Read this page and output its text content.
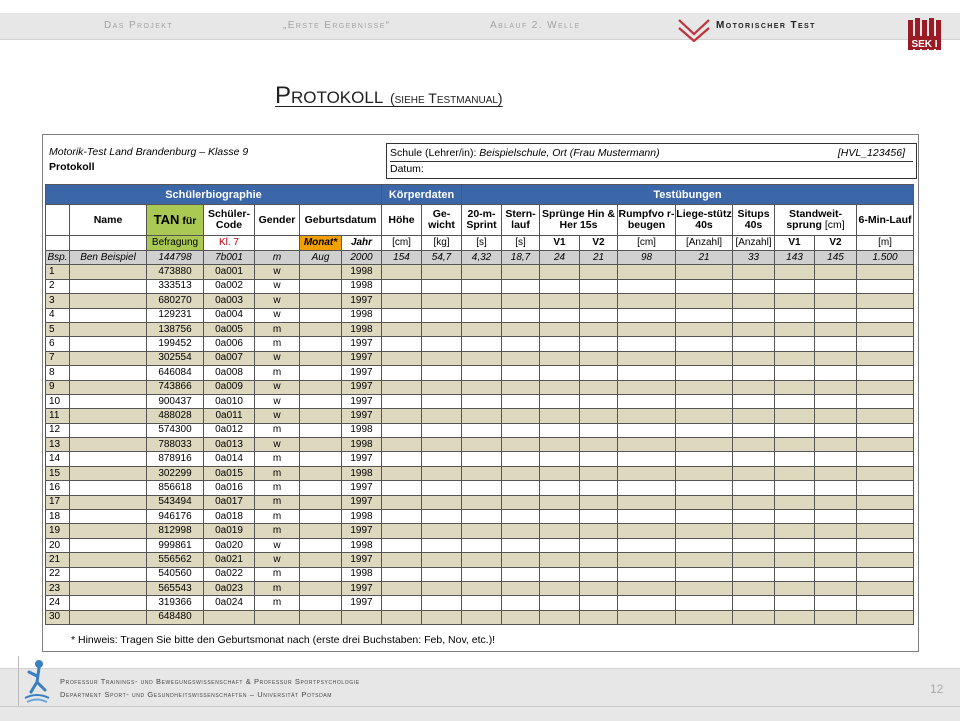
Das Projekt	„Erste Ergebnisse“	Ablauf 2. Welle	Motorischer Test
SEK I
Protokoll (siehe Testmanual)
Motorik-Test Land Brandenburg – Klasse 9
Protokoll
Schule (Lehrer/in): Beispielschule, Ort (Frau Mustermann)	[HVL_123456]
Datum:
Schülerbiographie							Körperdaten		Testübungen									
	Name	TAN für	Schüler-Code	Gender	Geburtsdatum		Höhe	Ge-wicht	20-m-Sprint	Stern-lauf	Sprünge Hin & Her 15s		Rumpfvo r-beugen	Liege-stütz 40s	Situps 40s	Standweit-sprung [cm]		6-Min-Lauf
		Befragung	Kl. 7		Monat*	Jahr	[cm]	[kg]	[s]	[s]	V1	V2	[cm]	[Anzahl]	[Anzahl]	V1	V2	[m]
Bsp.	Ben Beispiel	144798	7b001	m	Aug	2000	154	54,7	4,32	18,7	24	21	98	21	33	143	145	1.500
1		473880	0a001	w		1998												
2		333513	0a002	w		1998												
3		680270	0a003	w		1997												
4		129231	0a004	w		1998												
5		138756	0a005	m		1998												
6		199452	0a006	m		1997												
7		302554	0a007	w		1997												
8		646084	0a008	m		1997												
9		743866	0a009	w		1997												
10		900437	0a010	w		1997												
11		488028	0a011	w		1997												
12		574300	0a012	m		1998												
13		788033	0a013	w		1998												
14		878916	0a014	m		1997												
15		302299	0a015	m		1998												
16		856618	0a016	m		1997												
17		543494	0a017	m		1997												
18		946176	0a018	m		1998												
19		812998	0a019	m		1997												
20		999861	0a020	w		1998												
21		556562	0a021	w		1997												
22		540560	0a022	m		1998												
23		565543	0a023	m		1997												
24		319366	0a024	m		1997												
30		648480																
* Hinweis: Tragen Sie bitte den Geburtsmonat nach (erste drei Buchstaben: Feb, Nov, etc.)!
Professur Trainings- und Bewegungswissenschaft & Professur Sportpsychologie
Department Sport- und Gesundheitswissenschaften – Universität Potsdam	12
